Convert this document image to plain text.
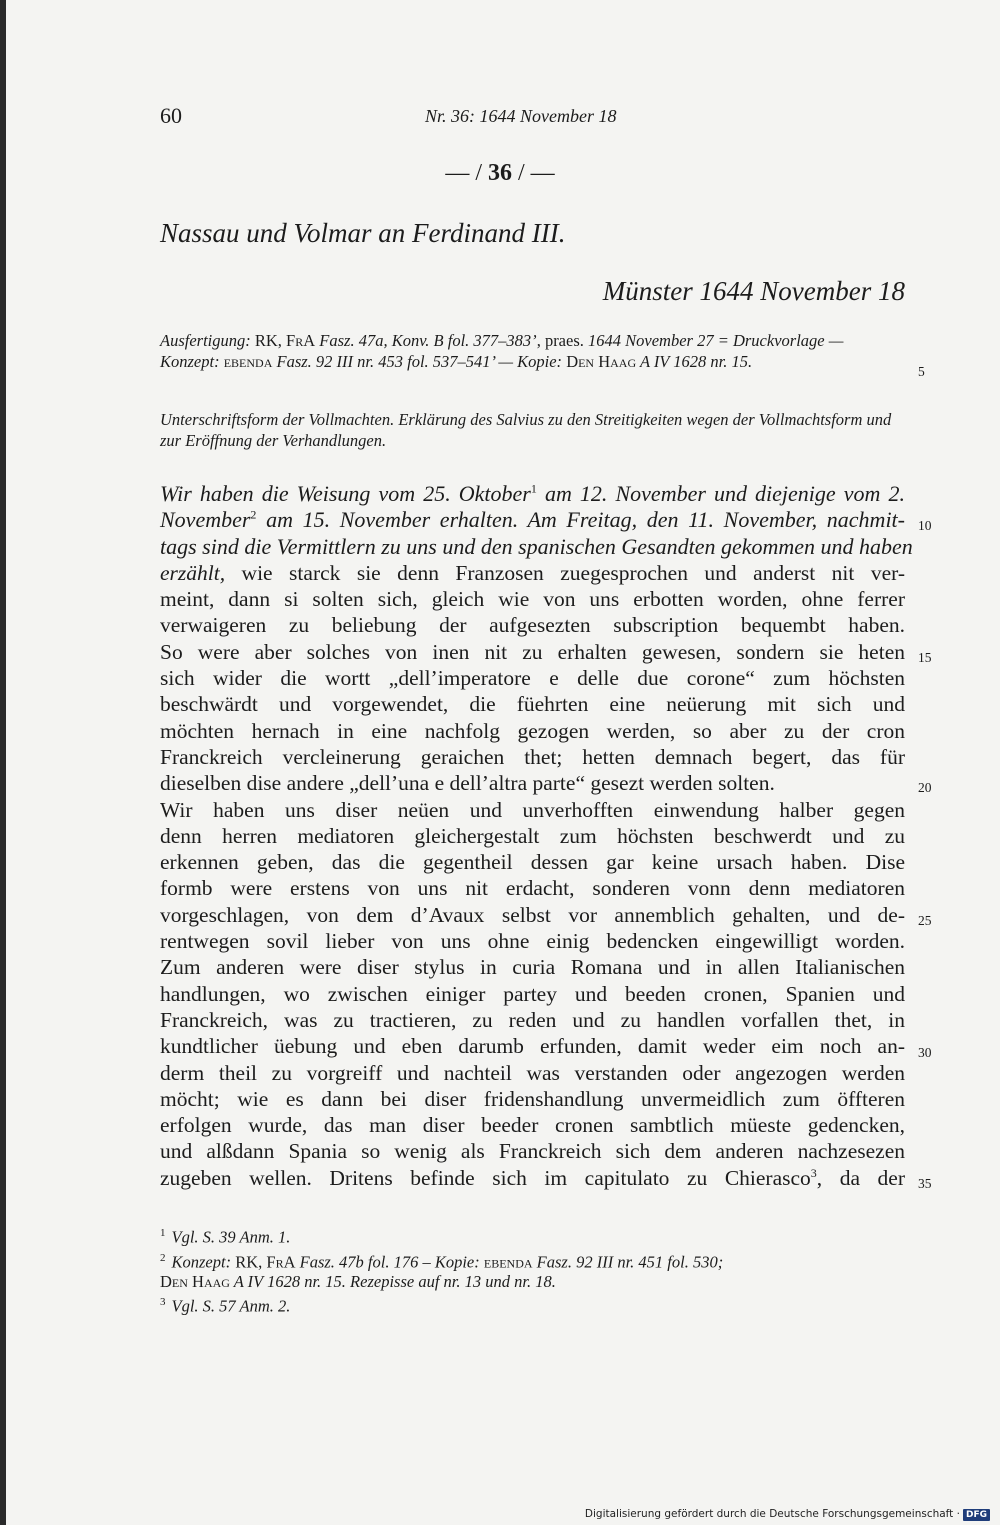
60	Nr. 36: 1644 November 18
— / 36 / —
Nassau und Volmar an Ferdinand III.
Münster 1644 November 18
Ausfertigung: RK, FrA Fasz. 47a, Konv. B fol. 377–383’, praes. 1644 November 27 = Druckvorlage — Konzept: ebenda Fasz. 92 III nr. 453 fol. 537–541’ — Kopie: Den Haag A IV 1628 nr. 15.
Unterschriftsform der Vollmachten. Erklärung des Salvius zu den Streitigkeiten wegen der Vollmachtsform und zur Eröffnung der Verhandlungen.
Wir haben die Weisung vom 25. Oktober$^1$ am 12. November und diejenige vom 2.
November$^2$ am 15. November erhalten. Am Freitag, den 11. November, nachmit-
tags sind die Vermittlern zu uns und den spanischen Gesandten gekommen und haben
erzählt, wie starck sie denn Franzosen zuegesprochen und anderst nit ver-
meint, dann si solten sich, gleich wie von uns erbotten worden, ohne ferrer
verwaigeren zu beliebung der aufgesezten subscription bequembt haben.
So were aber solches von inen nit zu erhalten gewesen, sondern sie heten
sich wider die wortt „dell’imperatore e delle due corone“ zum höchsten
beschwärdt und vorgewendet, die füehrten eine neüerung mit sich und
möchten hernach in eine nachfolg gezogen werden, so aber zu der cron
Franckreich vercleinerung geraichen thet; hetten demnach begert, das für
dieselben dise andere „dell’una e dell’altra parte“ gesezt werden solten.
Wir haben uns diser neüen und unverhofften einwendung halber gegen
denn herren mediatoren gleichergestalt zum höchsten beschwerdt und zu
erkennen geben, das die gegentheil dessen gar keine ursach haben. Dise
formb were erstens von uns nit erdacht, sonderen vonn denn mediatoren
vorgeschlagen, von dem d’Avaux selbst vor annemblich gehalten, und de-
rentwegen sovil lieber von uns ohne einig bedencken eingewilligt worden.
Zum anderen were diser stylus in curia Romana und in allen Italianischen
handlungen, wo zwischen einiger partey und beeden cronen, Spanien und
Franckreich, was zu tractieren, zu reden und zu handlen vorfallen thet, in
kundtlicher üebung und eben darumb erfunden, damit weder eim noch an-
derm theil zu vorgreiff und nachteil was verstanden oder angezogen werden
möcht; wie es dann bei diser fridenshandlung unvermeidlich zum öffteren
erfolgen wurde, das man diser beeder cronen sambtlich müeste gedencken,
und alßdann Spania so wenig als Franckreich sich dem anderen nachzesezen
zugeben wellen. Dritens befinde sich im capitulato zu Chierasco$^3$, da der
5
10
15
20
25
30
35
$^1$ Vgl. S. 39 Anm. 1.
$^2$ Konzept: RK, FrA Fasz. 47b fol. 176 – Kopie: ebenda Fasz. 92 III nr. 451 fol. 530;
Den Haag A IV 1628 nr. 15. Rezepisse auf nr. 13 und nr. 18.
$^3$ Vgl. S. 57 Anm. 2.
Digitalisierung gefördert durch die Deutsche Forschungsgemeinschaft · DFG
